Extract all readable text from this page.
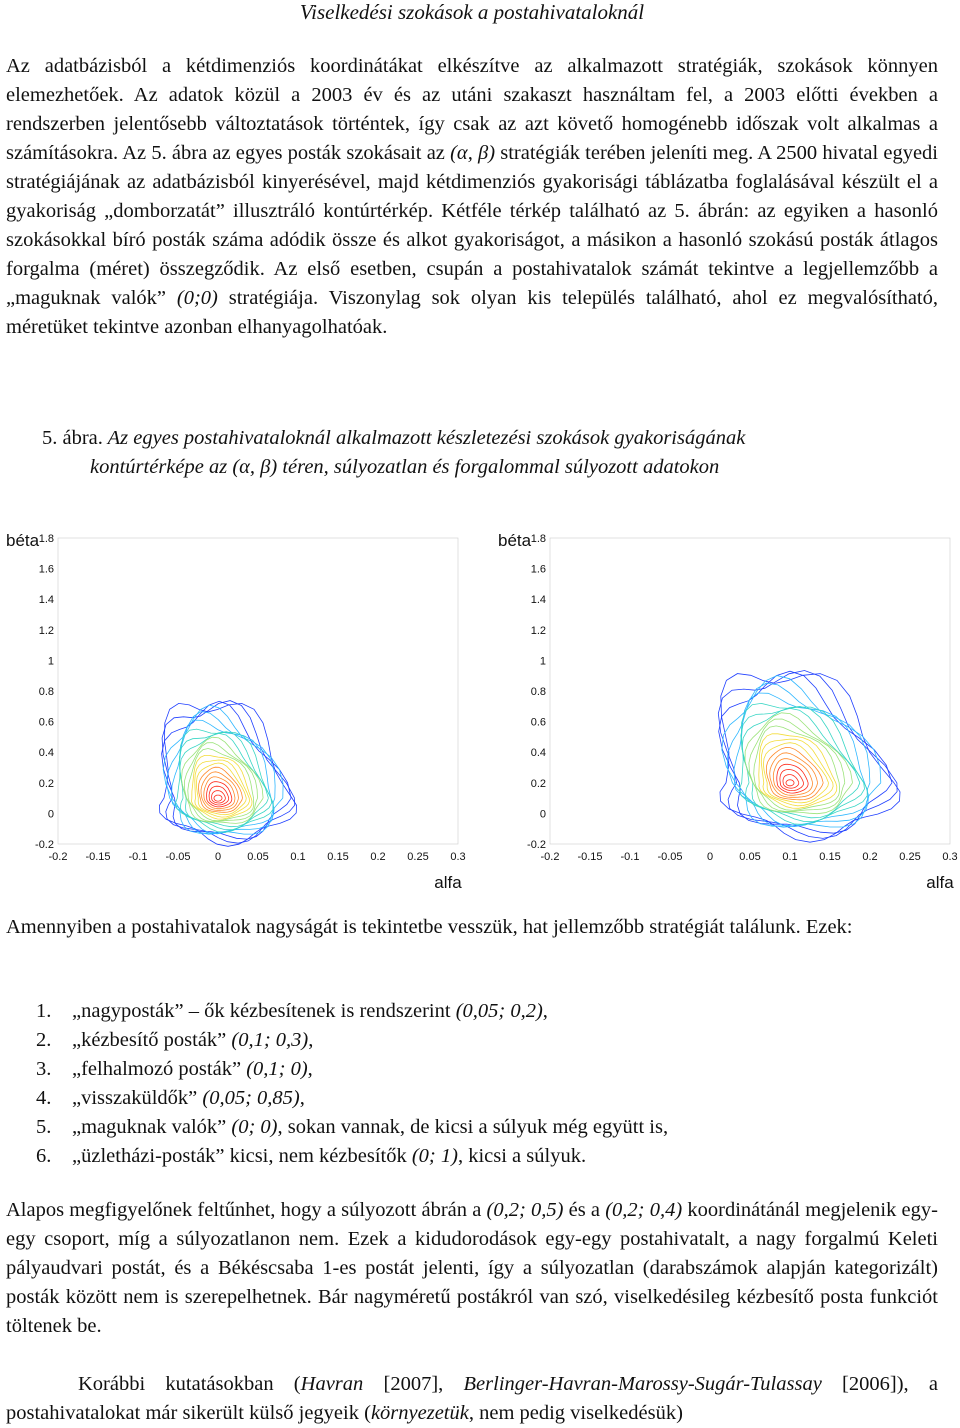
Viselkedési szokások a postahivataloknál

Az adatbázisból a kétdimenziós koordinátákat elkészítve az alkalmazott stratégiák, szokások könnyen elemezhetőek. Az adatok közül a 2003 év és az utáni szakaszt használtam fel, a 2003 előtti években a rendszerben jelentősebb változtatások történtek, így csak az azt követő homogénebb időszak volt alkalmas a számításokra. Az 5. ábra az egyes posták szokásait az (α, β) stratégiák terében jeleníti meg. A 2500 hivatal egyedi stratégiájának az adatbázisból kinyerésével, majd kétdimenziós gyakorisági táblázatba foglalásával készült el a gyakoriság „domborzatát” illusztráló kontúrtérkép. Kétféle térkép található az 5. ábrán: az egyiken a hasonló szokásokkal bíró posták száma adódik össze és alkot gyakoriságot, a másikon a hasonló szokású posták átlagos forgalma (méret) összegződik. Az első esetben, csupán a postahivatalok számát tekintve a legjellemzőbb a „maguknak valók” (0;0) stratégiája. Viszonylag sok olyan kis település található, ahol ez megvalósítható, méretüket tekintve azonban elhanyagolhatóak.

5. ábra. Az egyes postahivataloknál alkalmazott készletezési szokások gyakoriságának
kontúrtérképe az (α, β) téren, súlyozatlan és forgalommal súlyozott adatokon
béta 1.8
1.6
1.4
1.2
1
0.8
0.6
0.4
0.2
0
-0.2
-0.2 -0.15 -0.1 -0.05 0 0.05 0.1 0.15 0.2 0.25 0.3
alfa
béta 1.8
1.6
1.4
1.2
1
0.8
0.6
0.4
0.2
0
-0.2
-0.2 -0.15 -0.1 -0.05 0 0.05 0.1 0.15 0.2 0.25 0.3
alfa

Amennyiben a postahivatalok nagyságát is tekintetbe vesszük, hat jellemzőbb stratégiát találunk. Ezek:

1.	„nagyposták” – ők kézbesítenek is rendszerint (0,05; 0,2),
2.	„kézbesítő posták” (0,1; 0,3),
3.	„felhalmozó posták” (0,1; 0),
4.	„visszaküldők” (0,05; 0,85),
5.	„maguknak valók” (0; 0), sokan vannak, de kicsi a súlyuk még együtt is,
6.	„üzletházi-posták” kicsi, nem kézbesítők (0; 1), kicsi a súlyuk.

Alapos megfigyelőnek feltűnhet, hogy a súlyozott ábrán a (0,2; 0,5) és a (0,2; 0,4) koordinátánál megjelenik egy-egy csoport, míg a súlyozatlanon nem. Ezek a kidudorodások egy-egy postahivatalt, a nagy forgalmú Keleti pályaudvari postát, és a Békéscsaba 1-es postát jelenti, így a súlyozatlan (darabszámok alapján kategorizált) posták között nem is szerepelhetnek. Bár nagyméretű postákról van szó, viselkedésileg kézbesítő posta funkciót töltenek be.

Korábbi kutatásokban (Havran [2007], Berlinger-Havran-Marossy-Sugár-Tulassay [2006]), a postahivatalokat már sikerült külső jegyeik (környezetük, nem pedig viselkedésük)
